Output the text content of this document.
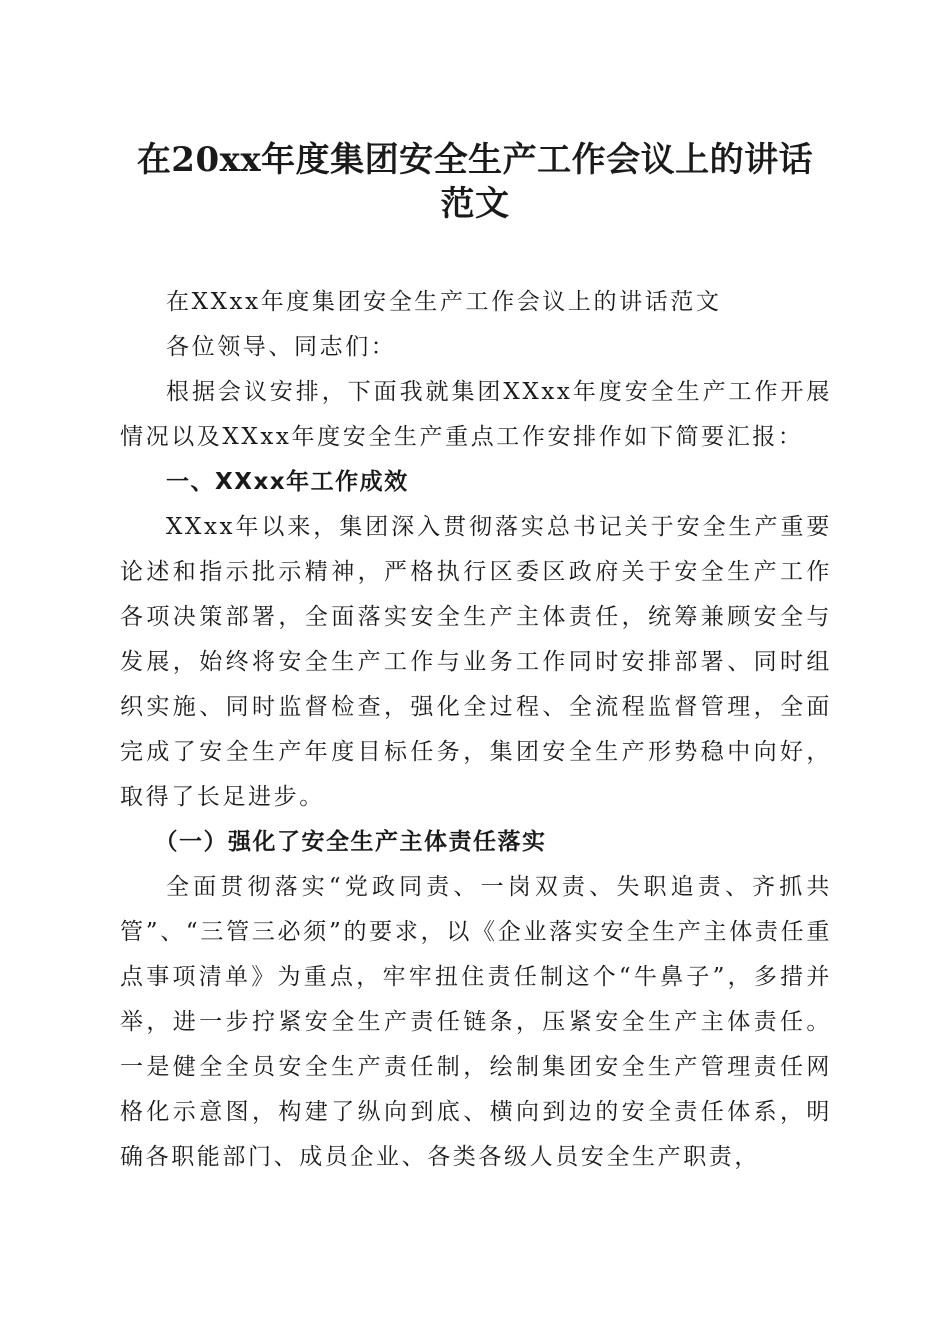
在20xx年度集团安全生产工作会议上的讲话
范文

在XXxx年度集团安全生产工作会议上的讲话范文

各位领导、同志们：

根据会议安排，下面我就集团XXxx年度安全生产工作开展情况以及XXxx年度安全生产重点工作安排作如下简要汇报：

一、XXxx年工作成效

XXxx年以来，集团深入贯彻落实总书记关于安全生产重要论述和指示批示精神，严格执行区委区政府关于安全生产工作各项决策部署，全面落实安全生产主体责任，统筹兼顾安全与发展，始终将安全生产工作与业务工作同时安排部署、同时组织实施、同时监督检查，强化全过程、全流程监督管理，全面完成了安全生产年度目标任务，集团安全生产形势稳中向好，取得了长足进步。

（一）强化了安全生产主体责任落实

全面贯彻落实“党政同责、一岗双责、失职追责、齐抓共管”、“三管三必须”的要求，以《企业落实安全生产主体责任重点事项清单》为重点，牢牢扭住责任制这个“牛鼻子”，多措并举，进一步拧紧安全生产责任链条，压紧安全生产主体责任。一是健全全员安全生产责任制，绘制集团安全生产管理责任网格化示意图，构建了纵向到底、横向到边的安全责任体系，明确各职能部门、成员企业、各类各级人员安全生产职责，
